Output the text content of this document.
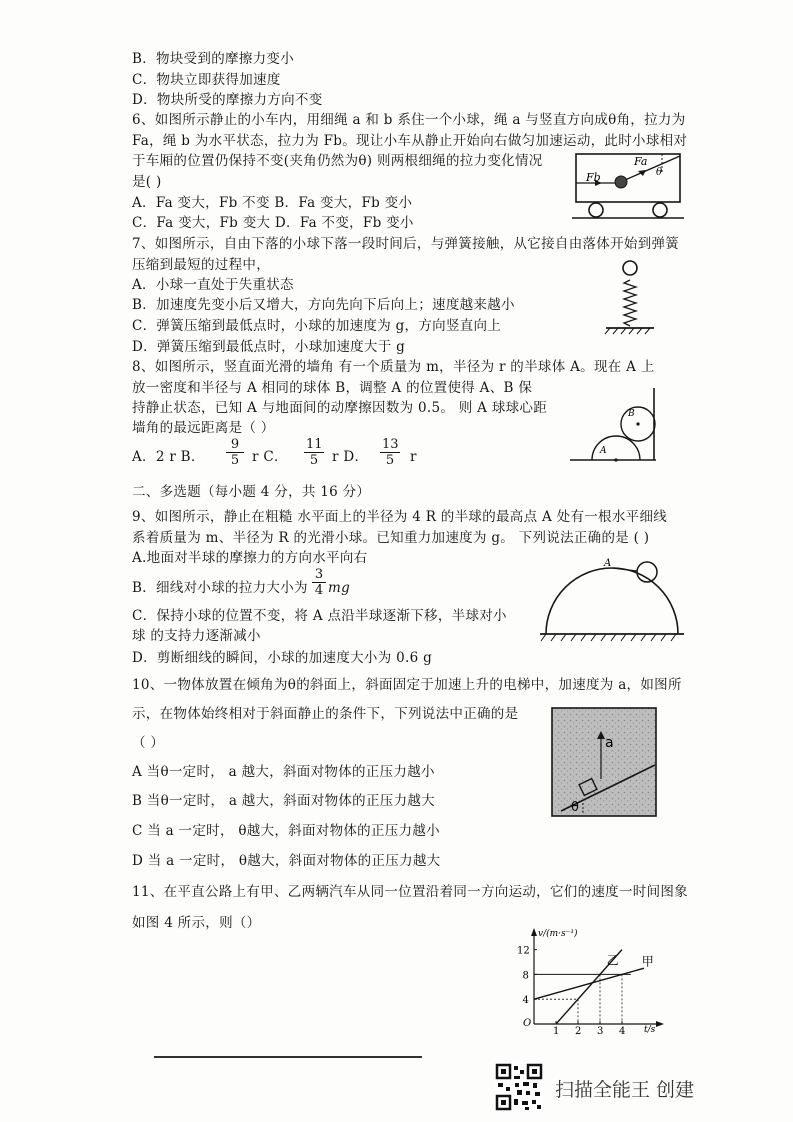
B．物块受到的摩擦力变小
C．物块立即获得加速度
D．物块所受的摩擦力方向不变
6、如图所示静止的小车内，用细绳 a 和 b 系住一个小球，绳 a 与竖直方向成θ角，拉力为
Fa，绳 b 为水平状态，拉力为 Fb。现让小车从静止开始向右做匀加速运动，此时小球相对
于车厢的位置仍保持不变(夹角仍然为θ) 则两根细绳的拉力变化情况
是( )
A．Fa 变大，Fb 不变 B．Fa 变大，Fb 变小
C．Fa 变大，Fb 变大 D．Fa 不变，Fb 变小
Fb
Fa
θ
7、如图所示，自由下落的小球下落一段时间后，与弹簧接触，从它接自由落体开始到弹簧
压缩到最短的过程中，
A．小球一直处于失重状态
B．加速度先变小后又增大，方向先向下后向上；速度越来越小
C．弹簧压缩到最低点时，小球的加速度为 g，方向竖直向上
D．弹簧压缩到最低点时，小球加速度大于 g
8、如图所示，竖直面光滑的墙角 有一个质量为 m，半径为 r 的半球体 A。现在 A 上
放一密度和半径与 A 相同的球体 B，调整 A 的位置使得 A、B 保
持静止状态，已知 A 与地面间的动摩擦因数为 0.5。 则 A 球球心距
墙角的最远距离是（ ）
A．2 r B． $\frac{9}{5}$ r C． $\frac{11}{5}$ r D． $\frac{13}{5}$ r	A
B
二、多选题（每小题 4 分，共 16 分）
9、如图所示，静止在粗糙 水平面上的半径为 4 R 的半球的最高点 A 处有一根水平细线
系着质量为 m、半径为 R 的光滑小球。已知重力加速度为 g。 下列说法正确的是 ( )
A.地面对半球的摩擦力的方向水平向右
B．细线对小球的拉力大小为 $\frac{3}{4}$ mg
C．保持小球的位置不变，将 A 点沿半球逐渐下移，半球对小
球 的支持力逐渐减小
D．剪断细线的瞬间，小球的加速度大小为 0.6 g
A
10、一物体放置在倾角为θ的斜面上，斜面固定于加速上升的电梯中，加速度为 a，如图所
示，在物体始终相对于斜面静止的条件下，下列说法中正确的是
（ ）
A 当θ一定时， a 越大，斜面对物体的正压力越小
B 当θ一定时， a 越大，斜面对物体的正压力越大
C 当 a 一定时， θ越大，斜面对物体的正压力越小
D 当 a 一定时， θ越大，斜面对物体的正压力越大
a
θ
11、在平直公路上有甲、乙两辆汽车从同一位置沿着同一方向运动，它们的速度一时间图象
如图 4 所示，则（）
甲
乙
1 2 3 4
4
8
12
v/(m·s⁻¹)
t/s
O
扫描全能王 创建
